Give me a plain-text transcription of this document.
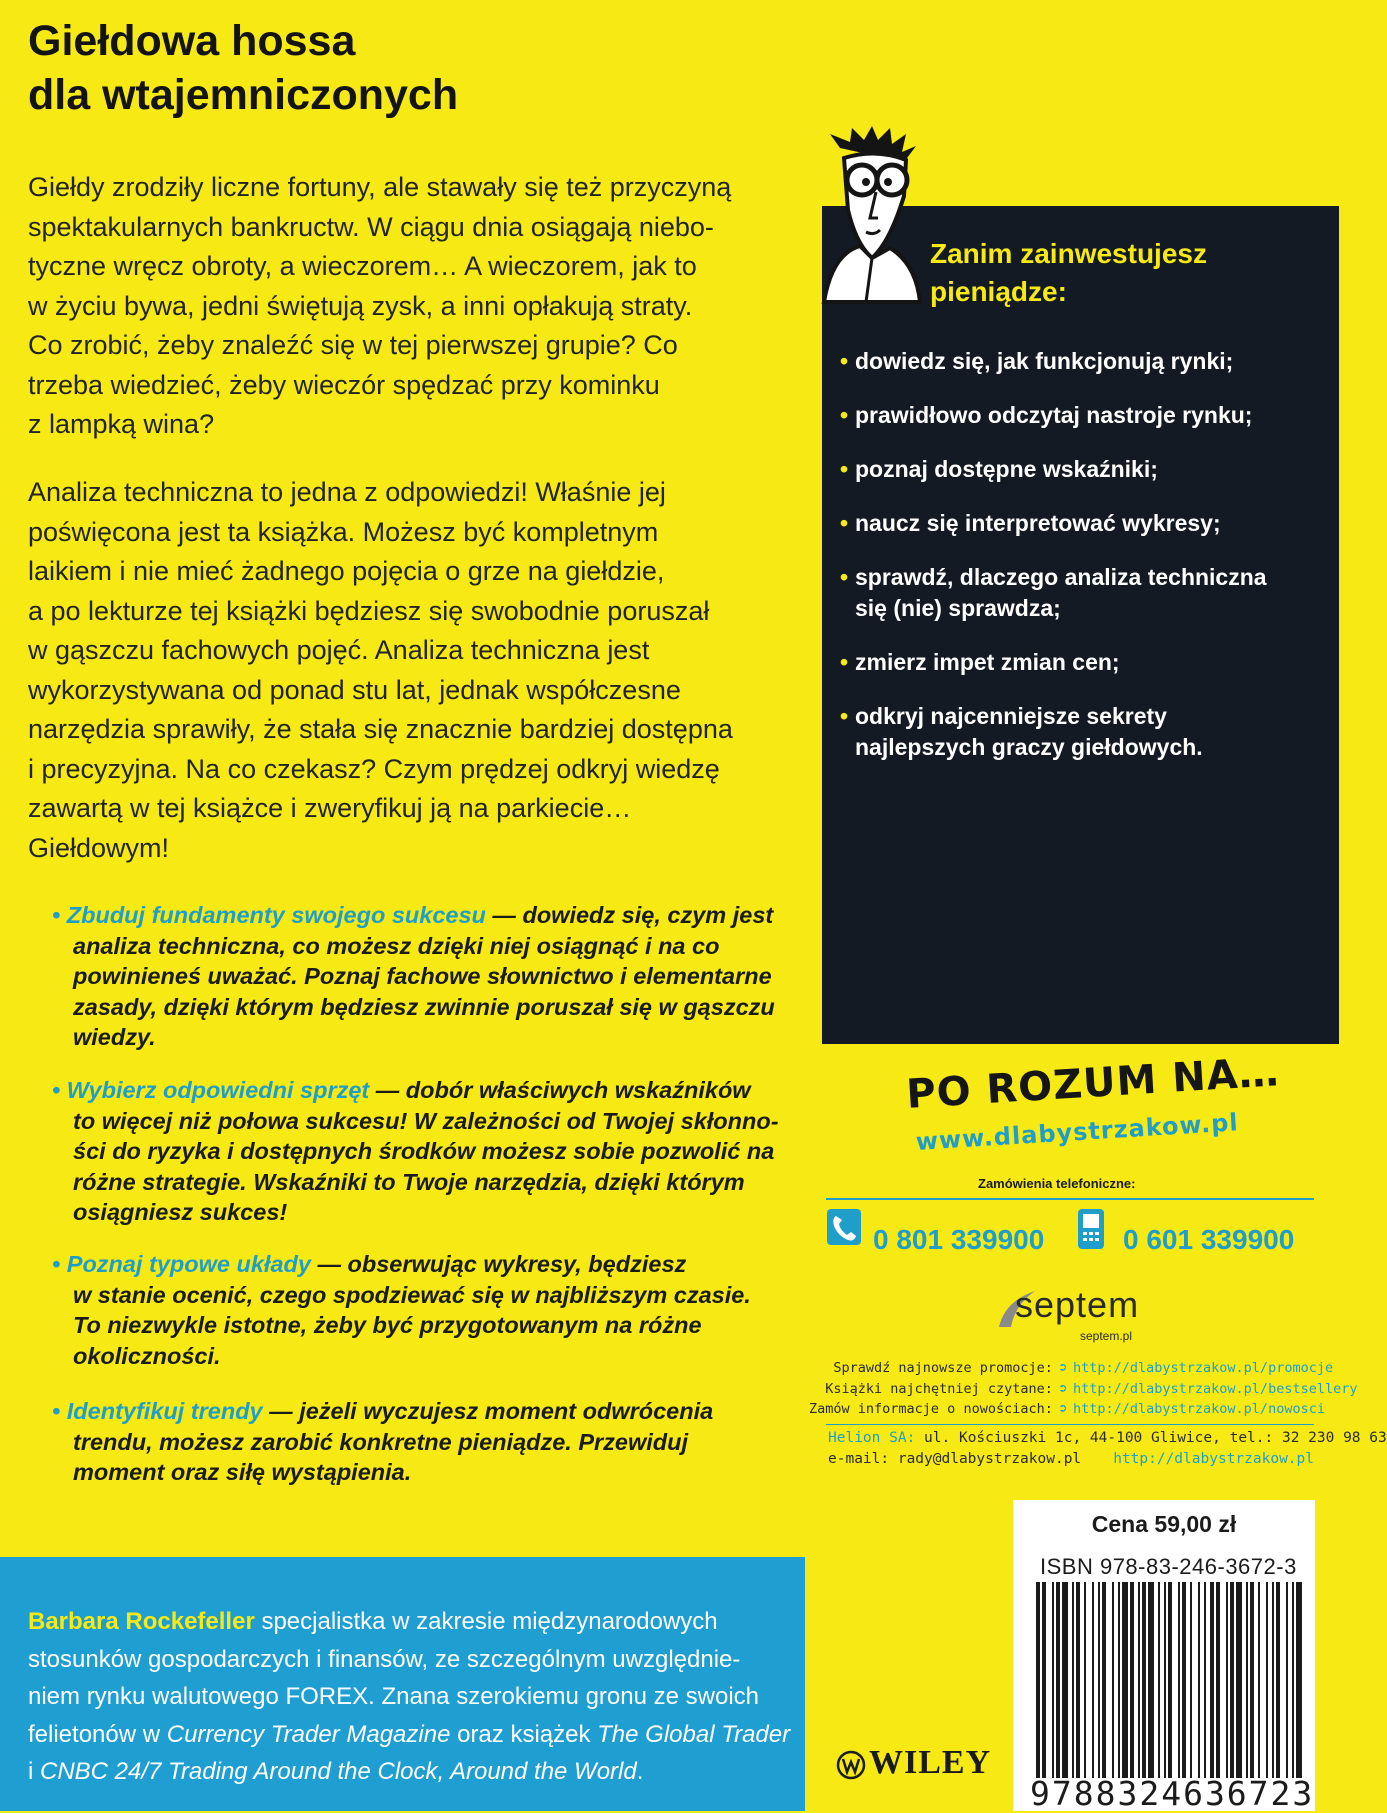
Giełdowa hossa
dla wtajemniczonych
Giełdy zrodziły liczne fortuny, ale stawały się też przyczyną
spektakularnych bankructw. W ciągu dnia osiągają niebo-
tyczne wręcz obroty, a wieczorem… A wieczorem, jak to
w życiu bywa, jedni świętują zysk, a inni opłakują straty.
Co zrobić, żeby znaleźć się w tej pierwszej grupie? Co
trzeba wiedzieć, żeby wieczór spędzać przy kominku
z lampką wina?
Analiza techniczna to jedna z odpowiedzi! Właśnie jej
poświęcona jest ta książka. Możesz być kompletnym
laikiem i nie mieć żadnego pojęcia o grze na giełdzie,
a po lekturze tej książki będziesz się swobodnie poruszał
w gąszczu fachowych pojęć. Analiza techniczna jest
wykorzystywana od ponad stu lat, jednak współczesne
narzędzia sprawiły, że stała się znacznie bardziej dostępna
i precyzyjna. Na co czekasz? Czym prędzej odkryj wiedzę
zawartą w tej książce i zweryfikuj ją na parkiecie…
Giełdowym!
• Zbuduj fundamenty swojego sukcesu — dowiedz się, czym jest
analiza techniczna, co możesz dzięki niej osiągnąć i na co
powinieneś uważać. Poznaj fachowe słownictwo i elementarne
zasady, dzięki którym będziesz zwinnie poruszał się w gąszczu
wiedzy.
• Wybierz odpowiedni sprzęt — dobór właściwych wskaźników
to więcej niż połowa sukcesu! W zależności od Twojej skłonno-
ści do ryzyka i dostępnych środków możesz sobie pozwolić na
różne strategie. Wskaźniki to Twoje narzędzia, dzięki którym
osiągniesz sukces!
• Poznaj typowe układy — obserwując wykresy, będziesz
w stanie ocenić, czego spodziewać się w najbliższym czasie.
To niezwykle istotne, żeby być przygotowanym na różne
okoliczności.
• Identyfikuj trendy — jeżeli wyczujesz moment odwrócenia
trendu, możesz zarobić konkretne pieniądze. Przewiduj
moment oraz siłę wystąpienia.
Zanim zainwestujesz
pieniądze:
• dowiedz się, jak funkcjonują rynki;
• prawidłowo odczytaj nastroje rynku;
• poznaj dostępne wskaźniki;
• naucz się interpretować wykresy;
• sprawdź, dlaczego analiza techniczna
się (nie) sprawdza;
• zmierz impet zmian cen;
• odkryj najcenniejsze sekrety
najlepszych graczy giełdowych.
PO ROZUM NA…
www.dlabystrzakow.pl
Zamówienia telefoniczne:
0 801 339900	0 601 339900
septem
septem.pl
Sprawdź najnowsze promocje: ➲ http://dlabystrzakow.pl/promocje
Książki najchętniej czytane: ➲ http://dlabystrzakow.pl/bestsellery
Zamów informacje o nowościach: ➲ http://dlabystrzakow.pl/nowosci
Helion SA: ul. Kościuszki 1c, 44-100 Gliwice, tel.: 32 230 98 63
e-mail: rady@dlabystrzakow.pl http://dlabystrzakow.pl
Cena 59,00 zł
ISBN 978-83-246-3672-3
9788324636723
WILEY
Barbara Rockefeller specjalistka w zakresie międzynarodowych
stosunków gospodarczych i finansów, ze szczególnym uwzględnie-
niem rynku walutowego FOREX. Znana szerokiemu gronu ze swoich
felietonów w Currency Trader Magazine oraz książek The Global Trader
i CNBC 24/7 Trading Around the Clock, Around the World.
